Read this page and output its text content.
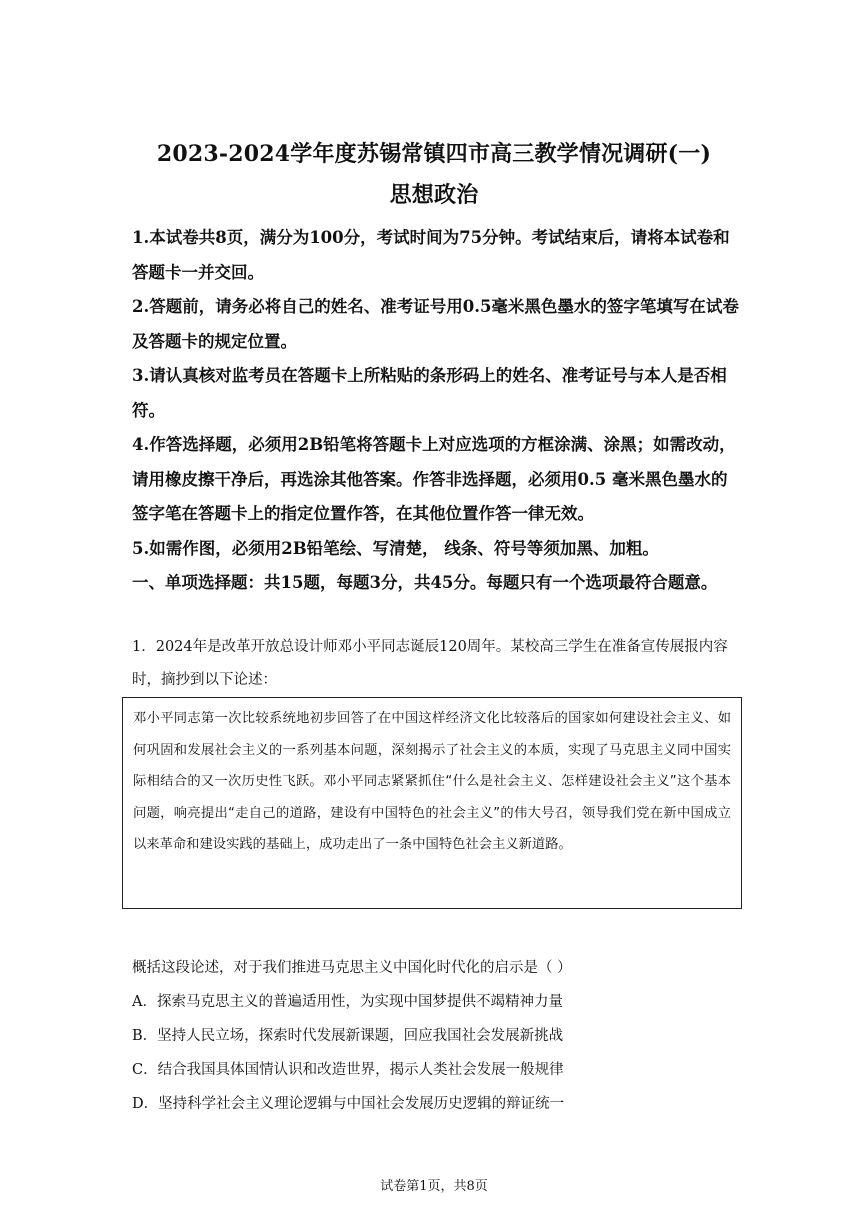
2023-2024学年度苏锡常镇四市高三教学情况调研(一)
思想政治

1.本试卷共8页，满分为100分，考试时间为75分钟。考试结束后，请将本试卷和答题卡一并交回。

2.答题前，请务必将自己的姓名、准考证号用0.5毫米黑色墨水的签字笔填写在试卷及答题卡的规定位置。

3.请认真核对监考员在答题卡上所粘贴的条形码上的姓名、准考证号与本人是否相符。

4.作答选择题，必须用2B铅笔将答题卡上对应选项的方框涂满、涂黑；如需改动，请用橡皮擦干净后，再选涂其他答案。作答非选择题，必须用0.5 毫米黑色墨水的签字笔在答题卡上的指定位置作答，在其他位置作答一律无效。

5.如需作图，必须用2B铅笔绘、写清楚， 线条、符号等须加黑、加粗。

一、单项选择题：共15题，每题3分，共45分。每题只有一个选项最符合题意。

1．2024年是改革开放总设计师邓小平同志诞辰120周年。某校高三学生在准备宣传展报内容时，摘抄到以下论述：

邓小平同志第一次比较系统地初步回答了在中国这样经济文化比较落后的国家如何建设社会主义、如何巩固和发展社会主义的一系列基本问题，深刻揭示了社会主义的本质，实现了马克思主义同中国实际相结合的又一次历史性飞跃。邓小平同志紧紧抓住“什么是社会主义、怎样建设社会主义”这个基本问题，响亮提出“走自己的道路，建设有中国特色的社会主义”的伟大号召，领导我们党在新中国成立以来革命和建设实践的基础上，成功走出了一条中国特色社会主义新道路。

概括这段论述，对于我们推进马克思主义中国化时代化的启示是（ ）

A．探索马克思主义的普遍适用性，为实现中国梦提供不竭精神力量

B．坚持人民立场，探索时代发展新课题，回应我国社会发展新挑战

C．结合我国具体国情认识和改造世界，揭示人类社会发展一般规律

D．坚持科学社会主义理论逻辑与中国社会发展历史逻辑的辩证统一

试卷第1页，共8页
